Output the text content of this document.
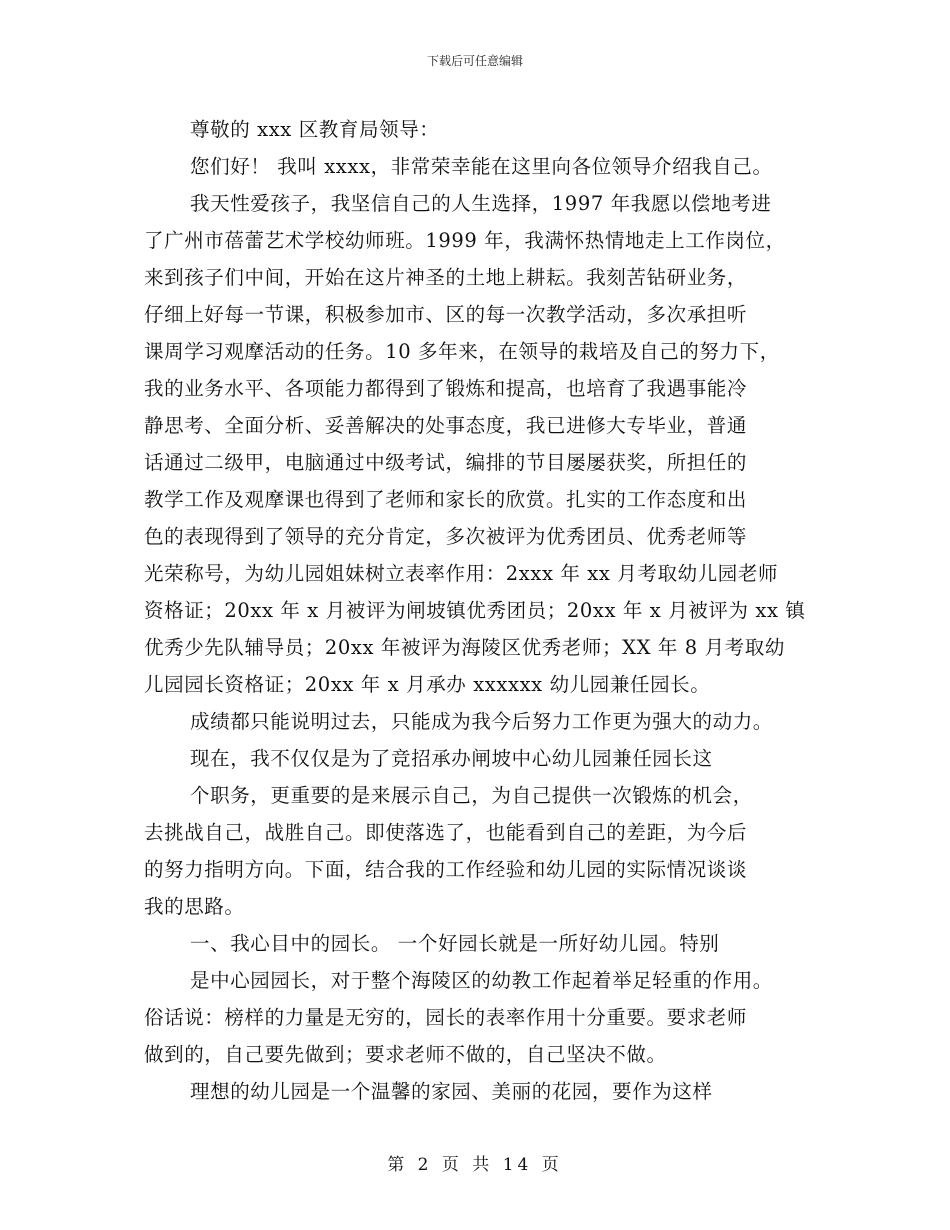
下载后可任意编辑
尊敬的 xxx 区教育局领导：
您们好！ 我叫 xxxx，非常荣幸能在这里向各位领导介绍我自己。
我天性爱孩子，我坚信自己的人生选择，1997 年我愿以偿地考进
了广州市蓓蕾艺术学校幼师班。1999 年，我满怀热情地走上工作岗位，
来到孩子们中间，开始在这片神圣的土地上耕耘。我刻苦钻研业务，
仔细上好每一节课，积极参加市、区的每一次教学活动，多次承担听
课周学习观摩活动的任务。10 多年来，在领导的栽培及自己的努力下，
我的业务水平、各项能力都得到了锻炼和提高，也培育了我遇事能冷
静思考、全面分析、妥善解决的处事态度，我已进修大专毕业，普通
话通过二级甲，电脑通过中级考试，编排的节目屡屡获奖，所担任的
教学工作及观摩课也得到了老师和家长的欣赏。扎实的工作态度和出
色的表现得到了领导的充分肯定，多次被评为优秀团员、优秀老师等
光荣称号，为幼儿园姐妹树立表率作用：2xxx 年 xx 月考取幼儿园老师
资格证；20xx 年 x 月被评为闸坡镇优秀团员；20xx 年 x 月被评为 xx 镇
优秀少先队辅导员；20xx 年被评为海陵区优秀老师；XX 年 8 月考取幼
儿园园长资格证；20xx 年 x 月承办 xxxxxx 幼儿园兼任园长。
成绩都只能说明过去，只能成为我今后努力工作更为强大的动力。
现在，我不仅仅是为了竞招承办闸坡中心幼儿园兼任园长这
个职务，更重要的是来展示自己，为自己提供一次锻炼的机会，
去挑战自己，战胜自己。即使落选了，也能看到自己的差距，为今后
的努力指明方向。下面，结合我的工作经验和幼儿园的实际情况谈谈
我的思路。
一、我心目中的园长。 一个好园长就是一所好幼儿园。特别
是中心园园长，对于整个海陵区的幼教工作起着举足轻重的作用。
俗话说：榜样的力量是无穷的，园长的表率作用十分重要。要求老师
做到的，自己要先做到；要求老师不做的，自己坚决不做。
理想的幼儿园是一个温馨的家园、美丽的花园，要作为这样
第 2 页 共 14 页
